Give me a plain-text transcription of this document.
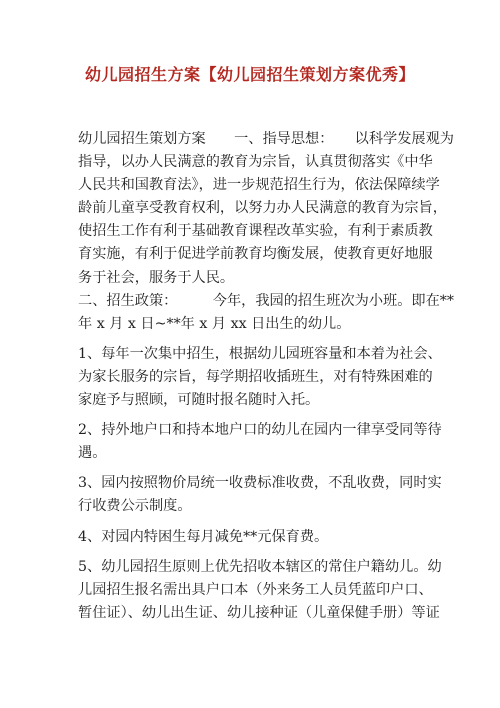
幼儿园招生方案【幼儿园招生策划方案优秀】
幼儿园招生策划方案　　一、指导思想：　　以科学发展观为
指导，以办人民满意的教育为宗旨，认真贯彻落实《中华
人民共和国教育法》，进一步规范招生行为，依法保障续学
龄前儿童享受教育权利，以努力办人民满意的教育为宗旨，
使招生工作有利于基础教育课程改革实验，有利于素质教
育实施，有利于促进学前教育均衡发展，使教育更好地服
务于社会，服务于人民。
二、招生政策：　　　今年，我园的招生班次为小班。即在**
年 x 月 x 日~**年 x 月 xx 日出生的幼儿。
1、每年一次集中招生，根据幼儿园班容量和本着为社会、
为家长服务的宗旨，每学期招收插班生，对有特殊困难的
家庭予与照顾，可随时报名随时入托。
2、持外地户口和持本地户口的幼儿在园内一律享受同等待
遇。
3、园内按照物价局统一收费标准收费，不乱收费，同时实
行收费公示制度。
4、对园内特困生每月减免**元保育费。
5、幼儿园招生原则上优先招收本辖区的常住户籍幼儿。幼
儿园招生报名需出具户口本（外来务工人员凭蓝印户口、
暂住证）、幼儿出生证、幼儿接种证（儿童保健手册）等证
